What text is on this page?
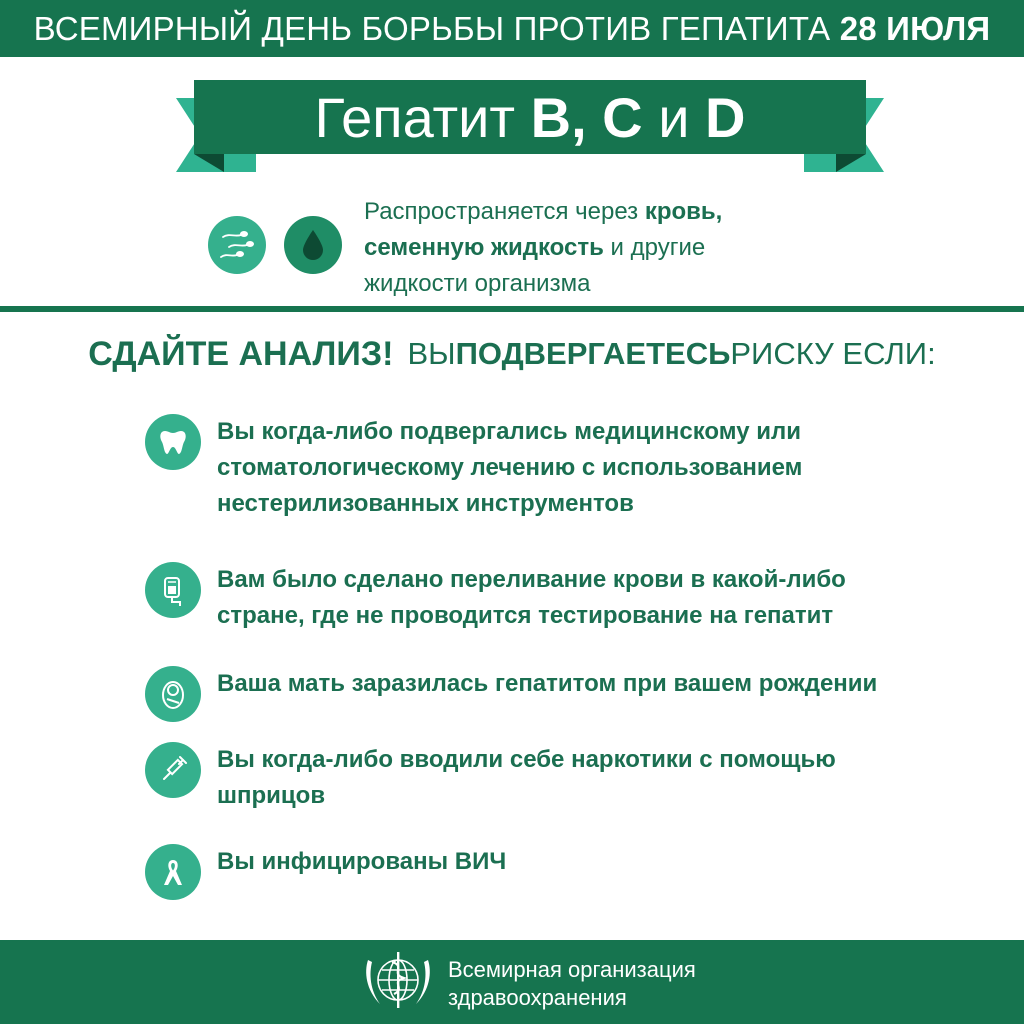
ВСЕМИРНЫЙ ДЕНЬ БОРЬБЫ ПРОТИВ ГЕПАТИТА
28 ИЮЛЯ
Гепатит
B, C
и
D
Распространяется через кровь,
семенную жидкость и другие
жидкости организма
СДАЙТЕ АНАЛИЗ! ВЫ ПОДВЕРГАЕТЕСЬ РИСКУ ЕСЛИ:
Вы когда-либо подвергались медицинскому или
стоматологическому лечению с использованием
нестерилизованных инструментов
Вам было сделано переливание крови в какой-либо
стране, где не проводится тестирование на гепатит
Ваша мать заразилась гепатитом при вашем рождении
Вы когда-либо вводили себе наркотики с помощью
шприцов
Вы инфицированы ВИЧ
Всемирная организация
здравоохранения
